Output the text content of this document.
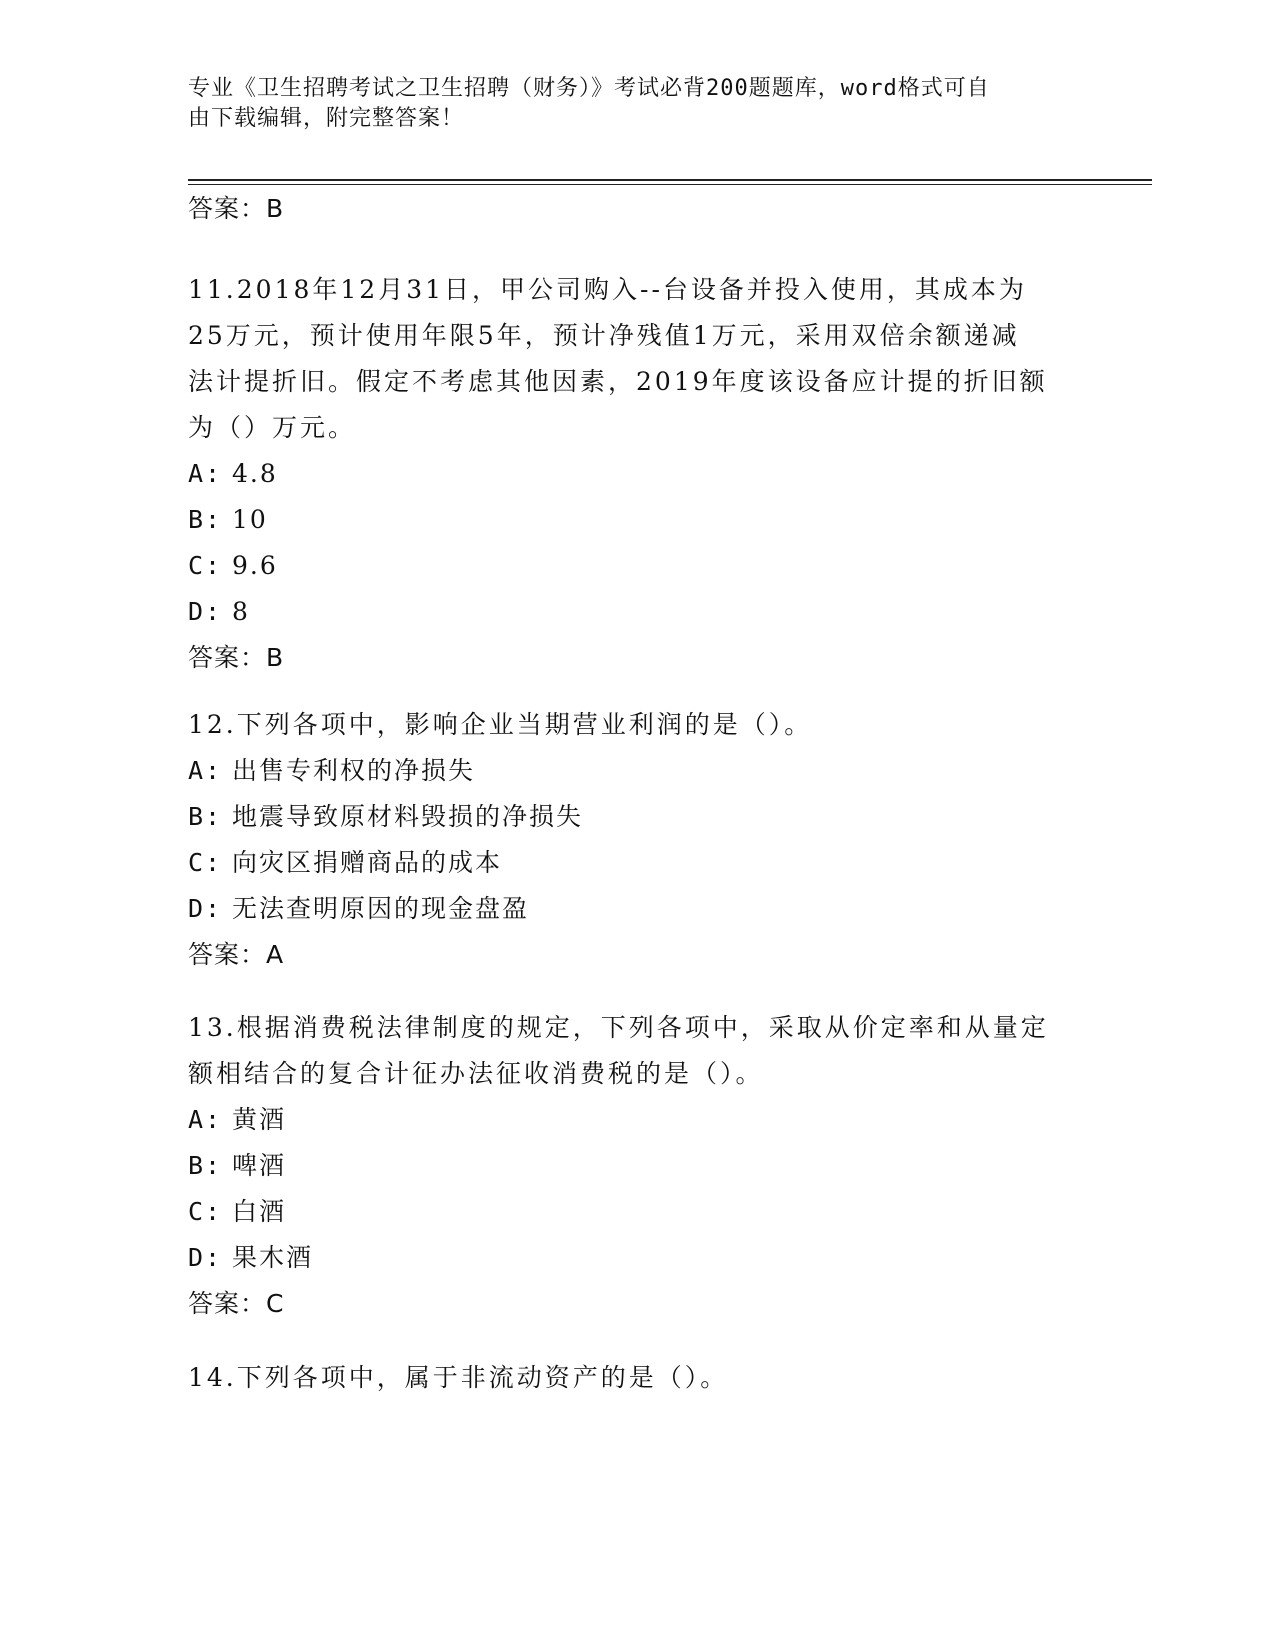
专业《卫生招聘考试之卫生招聘（财务）》考试必背200题题库，word格式可自
由下载编辑，附完整答案！
答案：B
11.2018年12月31日，甲公司购入--台设备并投入使用，其成本为
25万元，预计使用年限5年，预计净残值1万元，采用双倍余额递减
法计提折旧。假定不考虑其他因素，2019年度该设备应计提的折旧额
为（）万元。
A: 4.8
B: 10
C: 9.6
D: 8
答案：B
12.下列各项中，影响企业当期营业利润的是（）。
A: 出售专利权的净损失
B: 地震导致原材料毁损的净损失
C: 向灾区捐赠商品的成本
D: 无法查明原因的现金盘盈
答案：A
13.根据消费税法律制度的规定，下列各项中，采取从价定率和从量定
额相结合的复合计征办法征收消费税的是（）。
A: 黄酒
B: 啤酒
C: 白酒
D: 果木酒
答案：C
14.下列各项中，属于非流动资产的是（）。
